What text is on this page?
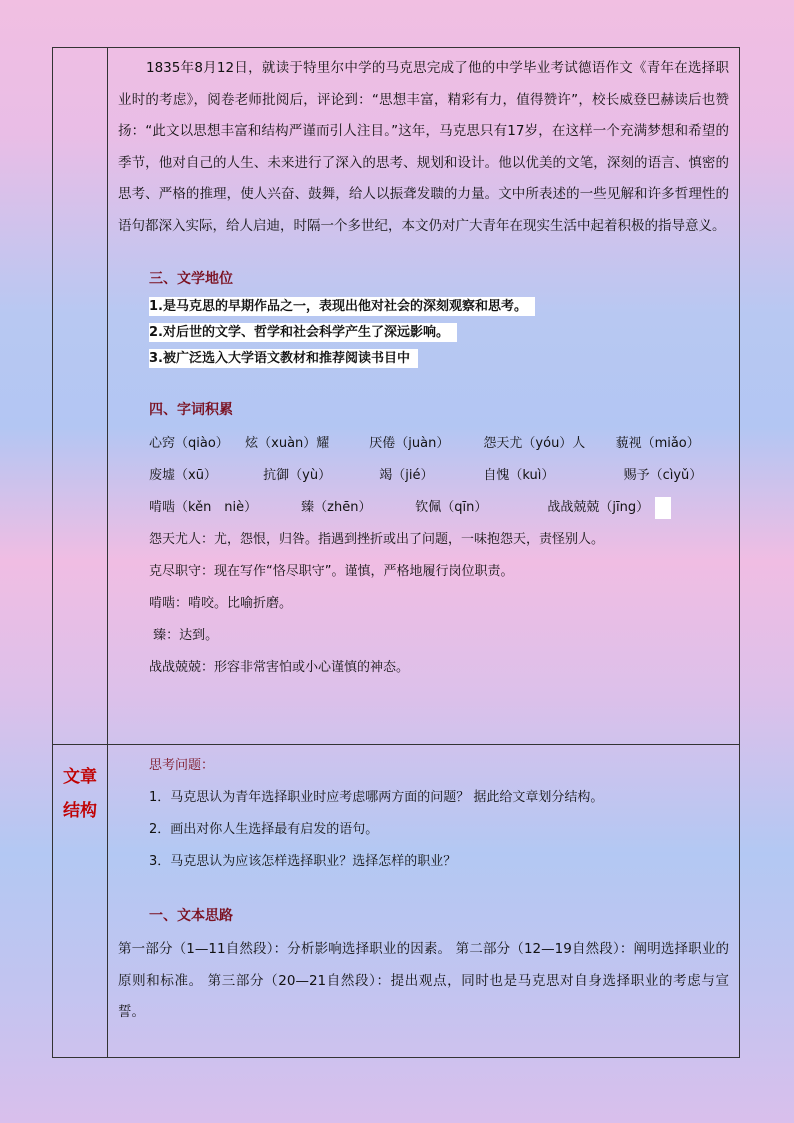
文章
结构

1835年8月12日，就读于特里尔中学的马克思完成了他的中学毕业考试德语作文《青年在选择职业时的考虑》，阅卷老师批阅后，评论到：“思想丰富，精彩有力，值得赞许”，校长威登巴赫读后也赞扬：“此文以思想丰富和结构严谨而引人注目。”这年，马克思只有17岁，在这样一个充满梦想和希望的季节，他对自己的人生、未来进行了深入的思考、规划和设计。他以优美的文笔，深刻的语言、慎密的思考、严格的推理，使人兴奋、鼓舞，给人以振聋发聩的力量。文中所表述的一些见解和许多哲理性的语句都深入实际，给人启迪，时隔一个多世纪，本文仍对广大青年在现实生活中起着积极的指导意义。

三、文学地位

1.是马克思的早期作品之一，表现出他对社会的深刻观察和思考。

2.对后世的文学、哲学和社会科学产生了深远影响。

3.被广泛选入大学语文教材和推荐阅读书目中

四、字词积累

心窍（qiào） 炫（xuàn）耀	厌倦（juàn）	怨天尤（yóu）人 藐视（miǎo）
废墟（xū）	抗御（yù）	竭（jié）	自愧（kuì）	赐予（cìyǔ）
啃啮（kěn　niè）	臻（zhēn）	钦佩（qīn）	战战兢兢（jīng）

怨天尤人：尤，怨恨，归咎。指遇到挫折或出了问题，一味抱怨天，责怪别人。

克尽职守：现在写作“恪尽职守”。谨慎，严格地履行岗位职责。

啃啮：啃咬。比喻折磨。

臻：达到。

战战兢兢：形容非常害怕或小心谨慎的神态。

思考问题：

1．马克思认为青年选择职业时应考虑哪两方面的问题？ 据此给文章划分结构。

2．画出对你人生选择最有启发的语句。

3．马克思认为应该怎样选择职业？选择怎样的职业？

一、文本思路

第一部分（1—11自然段）：分析影响选择职业的因素。 第二部分（12—19自然段）：阐明选择职业的原则和标准。 第三部分（20—21自然段）：提出观点，同时也是马克思对自身选择职业的考虑与宣誓。
